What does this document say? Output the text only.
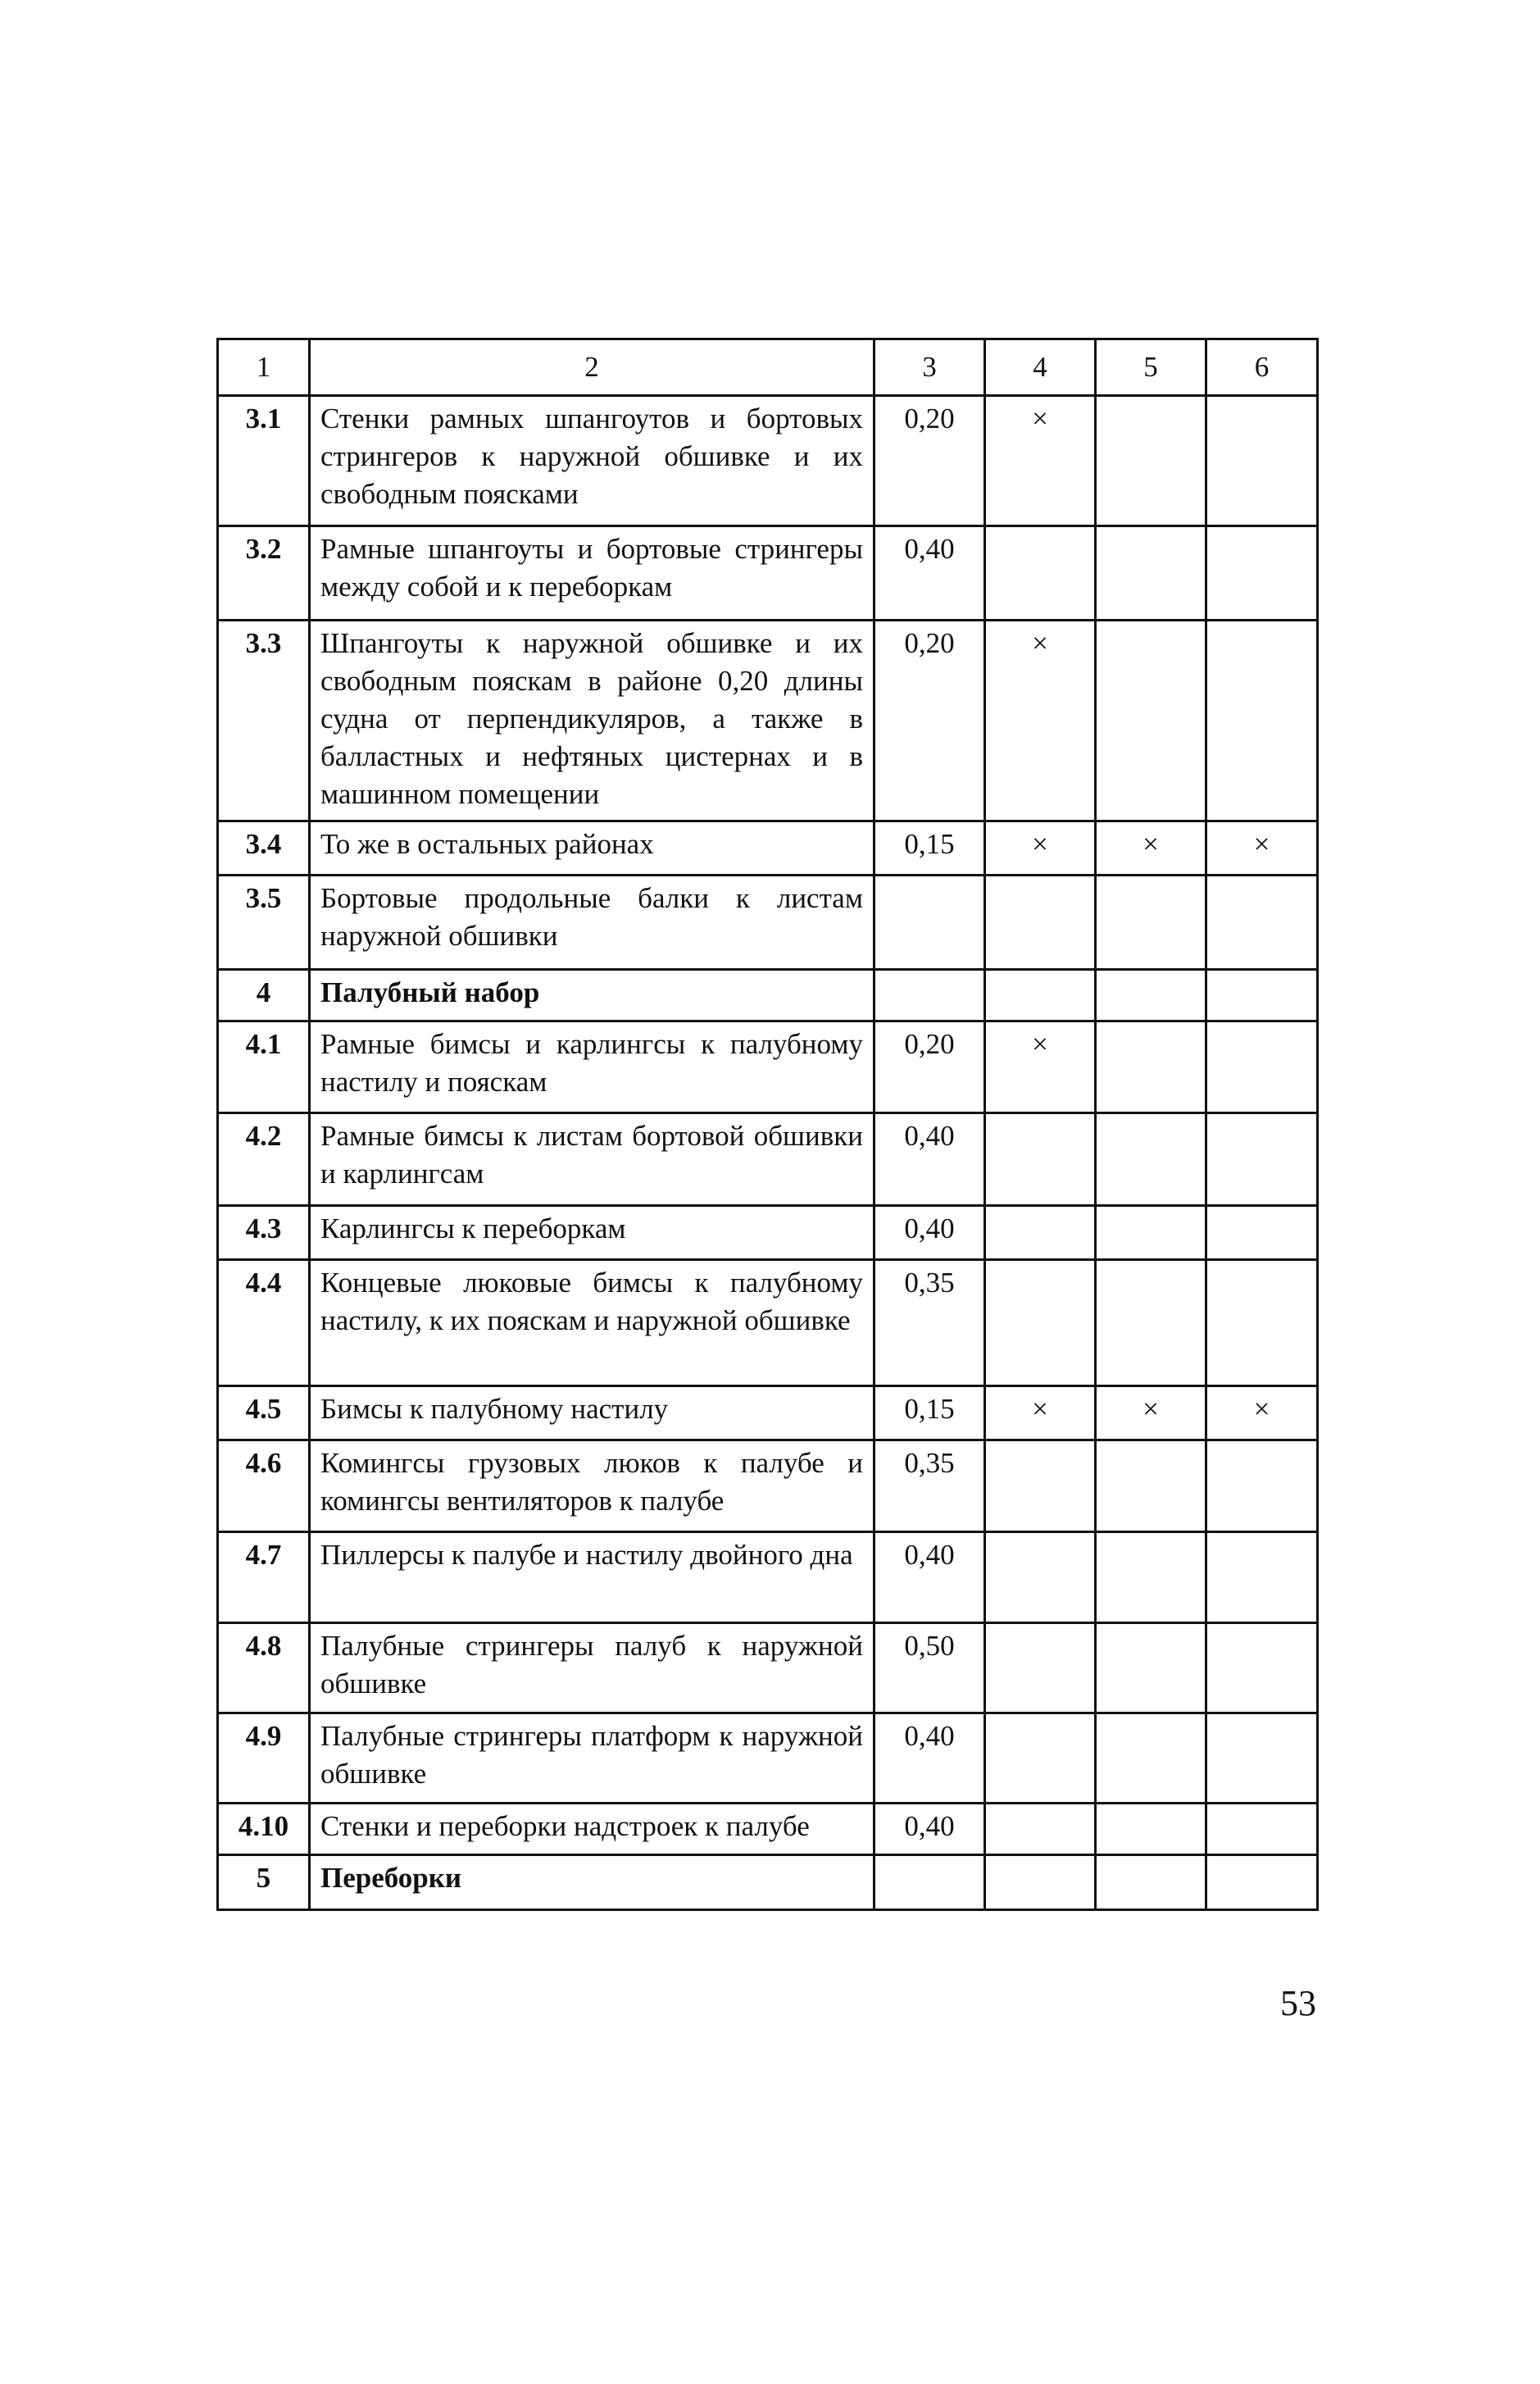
1	2	3	4	5	6
3.1	Стенки рамных шпангоутов и бортовых стрингеров к наружной обшивке и их свободным поясками	0,20	×		
3.2	Рамные шпангоуты и бортовые стрингеры между собой и к переборкам	0,40			
3.3	Шпангоуты к наружной обшивке и их свободным пояскам в районе 0,20 длины судна от перпендикуляров, а также в балластных и нефтяных цистернах и в машинном помещении	0,20	×		
3.4	То же в остальных районах	0,15	×	×	×
3.5	Бортовые продольные балки к листам наружной обшивки				
4	Палубный набор				
4.1	Рамные бимсы и карлингсы к палубному настилу и пояскам	0,20	×		
4.2	Рамные бимсы к листам бортовой обшивки и карлингсам	0,40			
4.3	Карлингсы к переборкам	0,40			
4.4	Концевые люковые бимсы к палубному настилу, к их пояскам и наружной обшивке	0,35			
4.5	Бимсы к палубному настилу	0,15	×	×	×
4.6	Комингсы грузовых люков к палубе и комингсы вентиляторов к палубе	0,35			
4.7	Пиллерсы к палубе и настилу двойного дна	0,40			
4.8	Палубные стрингеры палуб к наружной обшивке	0,50			
4.9	Палубные стрингеры платформ к наружной обшивке	0,40			
4.10	Стенки и переборки надстроек к палубе	0,40			
5	Переборки				
53
